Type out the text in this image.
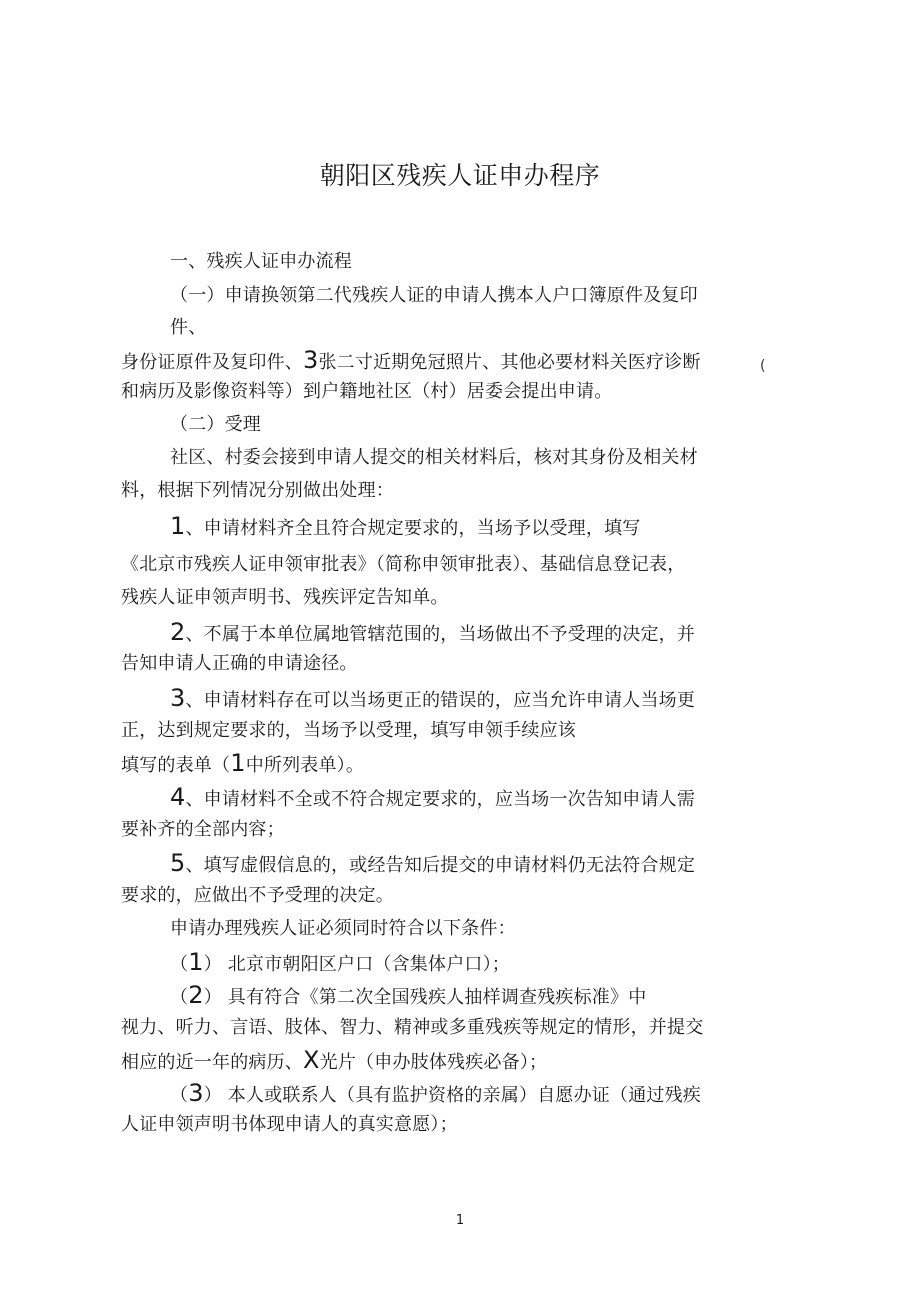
朝阳区残疾人证申办程序
一、残疾人证申办流程
（一）申请换领第二代残疾人证的申请人携本人户口簿原件及复印
件、
身份证原件及复印件、3张二寸近期免冠照片、其他必要材料关医疗诊断	(
和病历及影像资料等）到户籍地社区（村）居委会提出申请。
（二）受理
社区、村委会接到申请人提交的相关材料后，核对其身份及相关材
料，根据下列情况分别做出处理：
1、申请材料齐全且符合规定要求的，当场予以受理，填写
《北京市残疾人证申领审批表》（简称申领审批表）、基础信息登记表，
残疾人证申领声明书、残疾评定告知单。
2、不属于本单位属地管辖范围的，当场做出不予受理的决定，并
告知申请人正确的申请途径。
3、申请材料存在可以当场更正的错误的，应当允许申请人当场更
正，达到规定要求的，当场予以受理，填写申领手续应该
填写的表单（1中所列表单）。
4、申请材料不全或不符合规定要求的，应当场一次告知申请人需
要补齐的全部内容；
5、填写虚假信息的，或经告知后提交的申请材料仍无法符合规定
要求的，应做出不予受理的决定。
申请办理残疾人证必须同时符合以下条件：
（1） 北京市朝阳区户口（含集体户口）；
（2） 具有符合《第二次全国残疾人抽样调查残疾标准》中
视力、听力、言语、肢体、智力、精神或多重残疾等规定的情形，并提交
相应的近一年的病历、X光片（申办肢体残疾必备）；
（3） 本人或联系人（具有监护资格的亲属）自愿办证（通过残疾
人证申领声明书体现申请人的真实意愿）；
1
